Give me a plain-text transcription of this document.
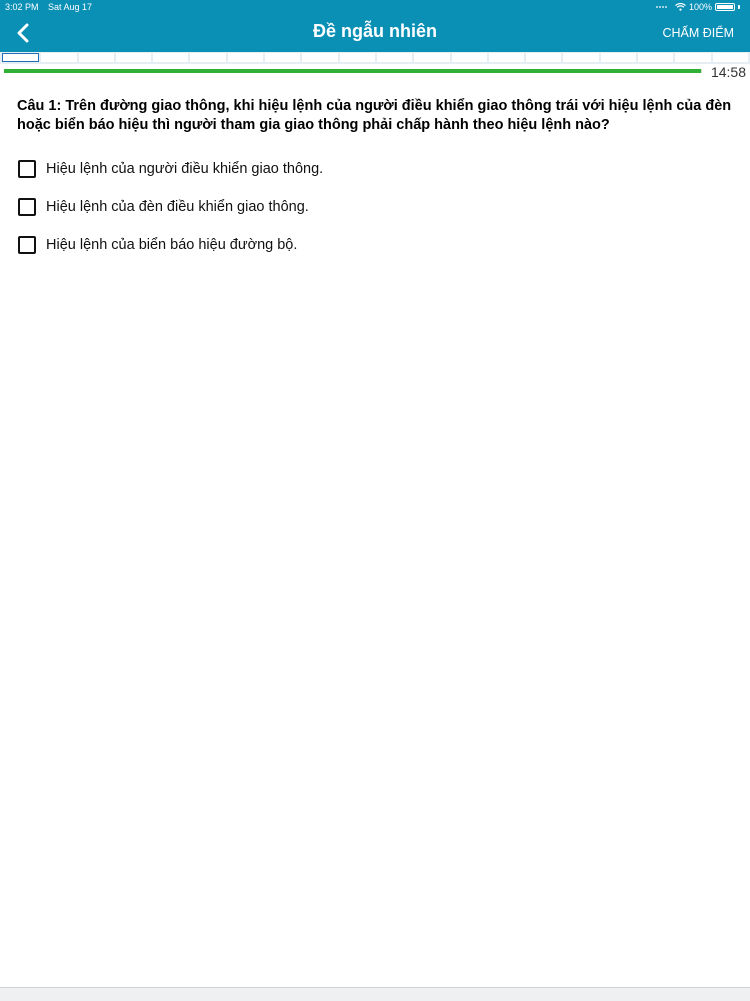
3:02 PM Sat Aug 17	100%
Đề ngẫu nhiên	CHẤM ĐIỂM
14:58
Câu 1: Trên đường giao thông, khi hiệu lệnh của người điều khiển giao thông trái với hiệu lệnh của đèn hoặc biển báo hiệu thì người tham gia giao thông phải chấp hành theo hiệu lệnh nào?
Hiệu lệnh của người điều khiển giao thông.
Hiệu lệnh của đèn điều khiển giao thông.
Hiệu lệnh của biển báo hiệu đường bộ.
